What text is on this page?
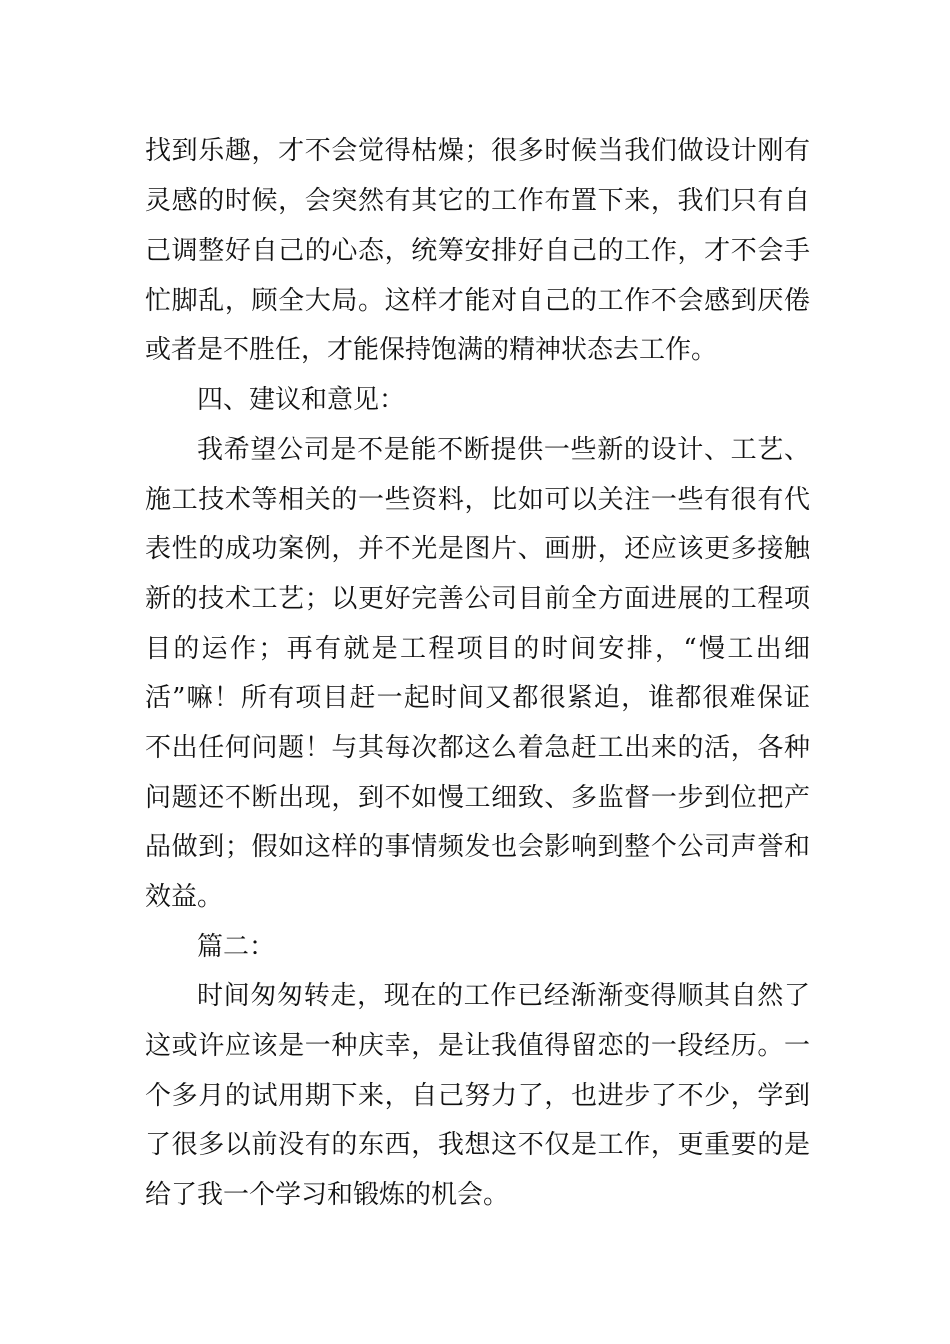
找到乐趣，才不会觉得枯燥；很多时候当我们做设计刚有
灵感的时候，会突然有其它的工作布置下来，我们只有自
己调整好自己的心态，统筹安排好自己的工作，才不会手
忙脚乱，顾全大局。这样才能对自己的工作不会感到厌倦
或者是不胜任，才能保持饱满的精神状态去工作。
四、建议和意见：
我希望公司是不是能不断提供一些新的设计、工艺、
施工技术等相关的一些资料，比如可以关注一些有很有代
表性的成功案例，并不光是图片、画册，还应该更多接触
新的技术工艺；以更好完善公司目前全方面进展的工程项
目的运作；再有就是工程项目的时间安排，“慢工出细
活”嘛！所有项目赶一起时间又都很紧迫，谁都很难保证
不出任何问题！与其每次都这么着急赶工出来的活，各种
问题还不断出现，到不如慢工细致、多监督一步到位把产
品做到；假如这样的事情频发也会影响到整个公司声誉和
效益。
篇二：
时间匆匆转走，现在的工作已经渐渐变得顺其自然了
这或许应该是一种庆幸，是让我值得留恋的一段经历。一
个多月的试用期下来，自己努力了，也进步了不少，学到
了很多以前没有的东西，我想这不仅是工作，更重要的是
给了我一个学习和锻炼的机会。
